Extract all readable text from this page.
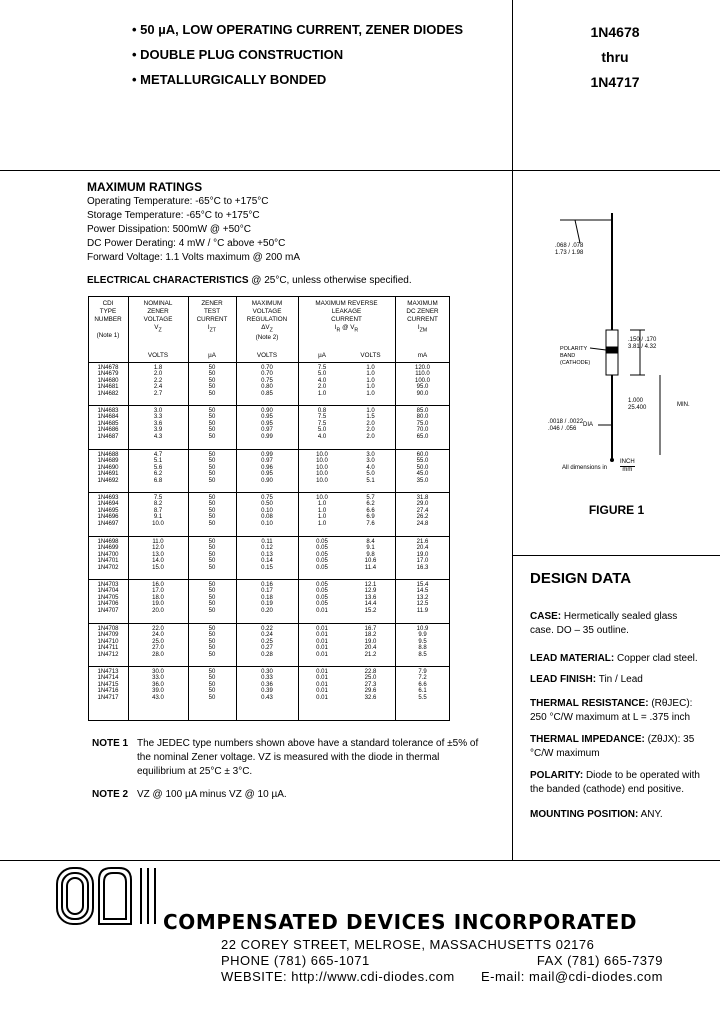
• 50 µA, LOW OPERATING CURRENT, ZENER DIODES
• DOUBLE PLUG CONSTRUCTION
• METALLURGICALLY BONDED
1N4678
thru
1N4717
MAXIMUM RATINGS
Operating Temperature: -65°C to +175°C
Storage Temperature: -65°C to +175°C
Power Dissipation: 500mW @ +50°C
DC Power Derating: 4 mW / °C above +50°C
Forward Voltage: 1.1 Volts maximum @ 200 mA
ELECTRICAL CHARACTERISTICS @ 25°C, unless otherwise specified.
CDI
TYPE
NUMBER

(Note 1)
NOMINAL
ZENER
VOLTAGE
$V_Z$
ZENER
TEST
CURRENT
$I_{ZT}$
MAXIMUM
VOLTAGE
REGULATION
$\Delta V_Z$
(Note 2)
MAXIMUM REVERSE
LEAKAGE
CURRENT
$I_R$ @ $V_R$
MAXIMUM
DC ZENER
CURRENT
$I_{ZM}$
VOLTS	µA	VOLTS	µA	VOLTS	mA
1N4678	1.8	50	0.70	7.5	1.0	120.0
1N4679	2.0	50	0.70	5.0	1.0	110.0
1N4680	2.2	50	0.75	4.0	1.0	100.0
1N4681	2.4	50	0.80	2.0	1.0	95.0
1N4682	2.7	50	0.85	1.0	1.0	90.0
1N4683	3.0	50	0.90	0.8	1.0	85.0
1N4684	3.3	50	0.95	7.5	1.5	80.0
1N4685	3.6	50	0.95	7.5	2.0	75.0
1N4686	3.9	50	0.97	5.0	2.0	70.0
1N4687	4.3	50	0.99	4.0	2.0	65.0
1N4688	4.7	50	0.99	10.0	3.0	60.0
1N4689	5.1	50	0.97	10.0	3.0	55.0
1N4690	5.6	50	0.96	10.0	4.0	50.0
1N4691	6.2	50	0.95	10.0	5.0	45.0
1N4692	6.8	50	0.90	10.0	5.1	35.0
1N4693	7.5	50	0.75	10.0	5.7	31.8
1N4694	8.2	50	0.50	1.0	6.2	29.0
1N4695	8.7	50	0.10	1.0	6.6	27.4
1N4696	9.1	50	0.08	1.0	6.9	26.2
1N4697	10.0	50	0.10	1.0	7.6	24.8
1N4698	11.0	50	0.11	0.05	8.4	21.6
1N4699	12.0	50	0.12	0.05	9.1	20.4
1N4700	13.0	50	0.13	0.05	9.8	19.0
1N4701	14.0	50	0.14	0.05	10.6	17.0
1N4702	15.0	50	0.15	0.05	11.4	16.3
1N4703	16.0	50	0.16	0.05	12.1	15.4
1N4704	17.0	50	0.17	0.05	12.9	14.5
1N4705	18.0	50	0.18	0.05	13.6	13.2
1N4706	19.0	50	0.19	0.05	14.4	12.5
1N4707	20.0	50	0.20	0.01	15.2	11.9
1N4708	22.0	50	0.22	0.01	16.7	10.9
1N4709	24.0	50	0.24	0.01	18.2	9.9
1N4710	25.0	50	0.25	0.01	19.0	9.5
1N4711	27.0	50	0.27	0.01	20.4	8.8
1N4712	28.0	50	0.28	0.01	21.2	8.5
1N4713	30.0	50	0.30	0.01	22.8	7.9
1N4714	33.0	50	0.33	0.01	25.0	7.2
1N4715	36.0	50	0.36	0.01	27.3	6.6
1N4716	39.0	50	0.39	0.01	29.6	6.1
1N4717	43.0	50	0.43	0.01	32.6	5.5
NOTE 1 The JEDEC type numbers shown above have a standard tolerance of ±5% of the nominal Zener voltage. VZ is measured with the diode in thermal equilibrium at 25°C ± 3°C.
NOTE 2 VZ @ 100 µA minus VZ @ 10 µA.
.068 / .078
1.73 / 1.98
.150 / .170
3.81 / 4.32
POLARITY BAND (CATHODE)
1.000
25.400	MIN.
.0018 / .0022
.046 / .056
DIA
All dimensions in
INCH
mm
FIGURE 1
DESIGN DATA
CASE: Hermetically sealed glass case. DO – 35 outline.
LEAD MATERIAL: Copper clad steel.
LEAD FINISH: Tin / Lead
THERMAL RESISTANCE: (RθJEC): 250 °C/W maximum at L = .375 inch
THERMAL IMPEDANCE: (ZθJX): 35 °C/W maximum
POLARITY: Diode to be operated with the banded (cathode) end positive.
MOUNTING POSITION: ANY.
COMPENSATED DEVICES INCORPORATED
22 COREY STREET, MELROSE, MASSACHUSETTS 02176
PHONE (781) 665-1071	FAX (781) 665-7379
WEBSITE: http://www.cdi-diodes.com	E-mail: mail@cdi-diodes.com
